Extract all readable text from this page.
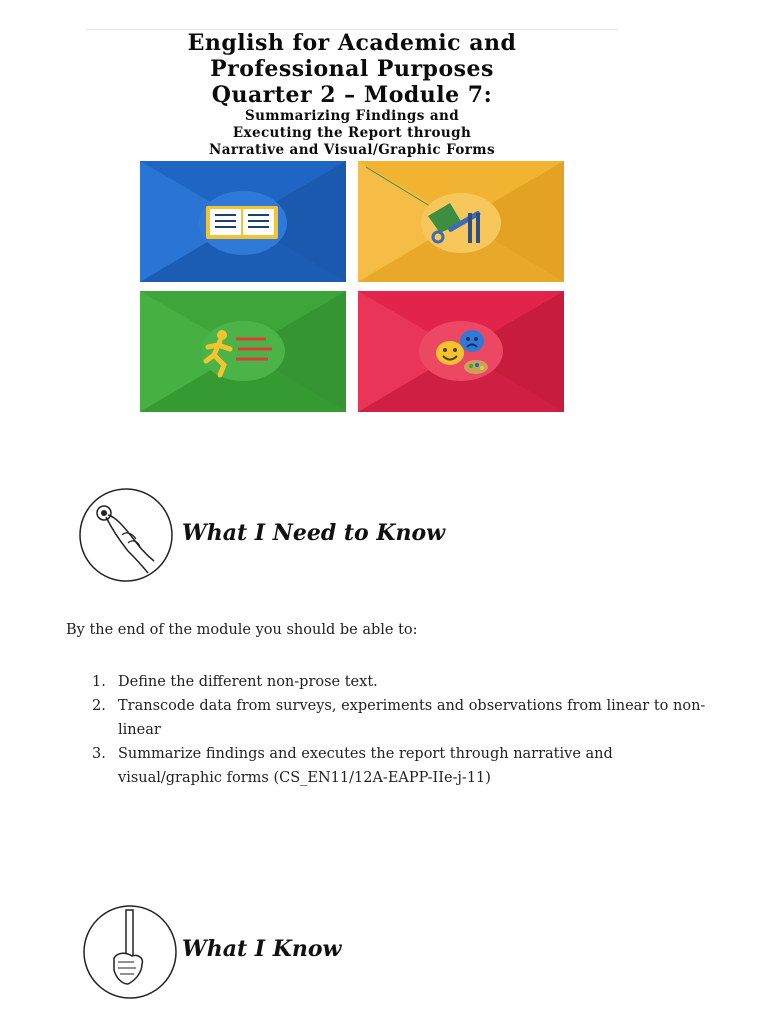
English for Academic and

Professional Purposes

Quarter 2 – Module 7:

Summarizing Findings and

Executing the Report through

Narrative and Visual/Graphic Forms

What I Need to Know
By the end of the module you should be able to:
1. Define the different non-prose text.
2. Transcode data from surveys, experiments and observations from linear to non-linear
3. Summarize findings and executes the report through narrative and visual/graphic forms (CS_EN11/12A-EAPP-IIe-j-11)
What I Know
